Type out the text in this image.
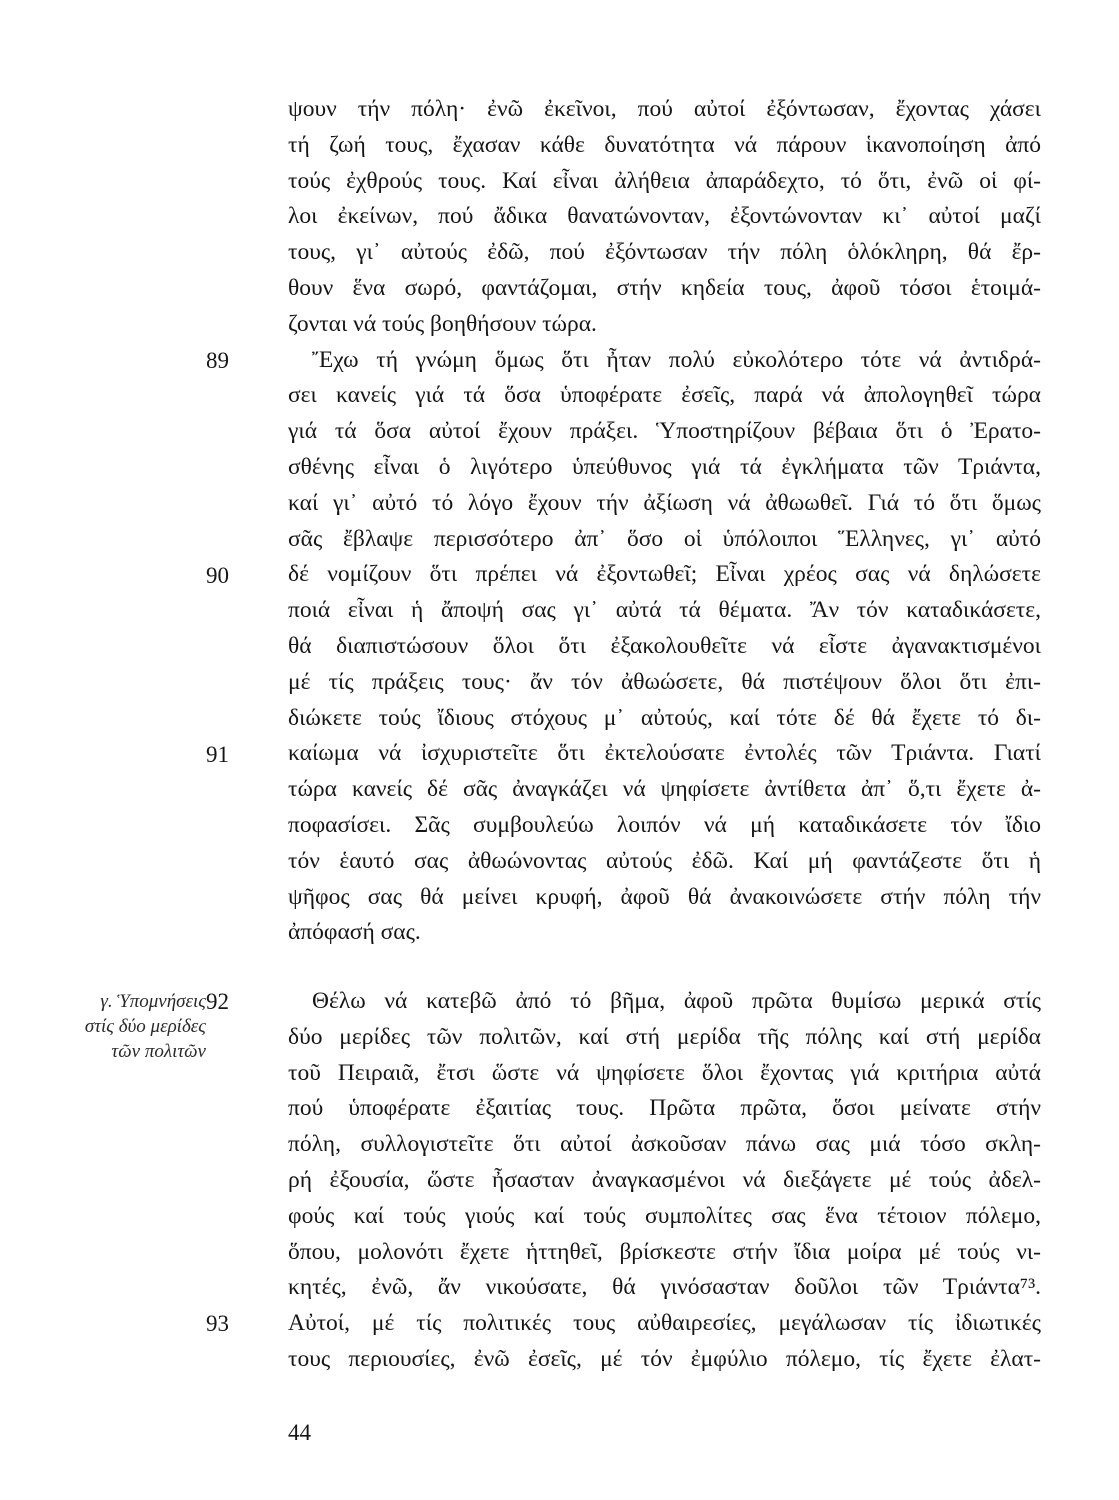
ψουν τήν πόλη· ἐνῶ ἐκεῖνοι, πού αὐτοί ἐξόντωσαν, ἔχοντας χάσει
τή ζωή τους, ἔχασαν κάθε δυνατότητα νά πάρουν ἱκανοποίηση ἀπό
τούς ἐχθρούς τους. Καί εἶναι ἀλήθεια ἀπαράδεχτο, τό ὅτι, ἐνῶ οἱ φί-
λοι ἐκείνων, πού ἄδικα θανατώνονταν, ἐξοντώνονταν κι᾽ αὐτοί μαζί
τους, γι᾽ αὐτούς ἐδῶ, πού ἐξόντωσαν τήν πόλη ὁλόκληρη, θά ἔρ-
θουν ἕνα σωρό, φαντάζομαι, στήν κηδεία τους, ἀφοῦ τόσοι ἑτοιμά-
ζονται νά τούς βοηθήσουν τώρα.
Ἔχω τή γνώμη ὅμως ὅτι ἦταν πολύ εὐκολότερο τότε νά ἀντιδρά-
σει κανείς γιά τά ὅσα ὑποφέρατε ἐσεῖς, παρά νά ἀπολογηθεῖ τώρα
γιά τά ὅσα αὐτοί ἔχουν πράξει. Ὑποστηρίζουν βέβαια ὅτι ὁ Ἐρατο-
σθένης εἶναι ὁ λιγότερο ὑπεύθυνος γιά τά ἐγκλήματα τῶν Τριάντα,
καί γι᾽ αὐτό τό λόγο ἔχουν τήν ἀξίωση νά ἀθωωθεῖ. Γιά τό ὅτι ὅμως
σᾶς ἔβλαψε περισσότερο ἀπ᾽ ὅσο οἱ ὑπόλοιποι Ἕλληνες, γι᾽ αὐτό
δέ νομίζουν ὅτι πρέπει νά ἐξοντωθεῖ; Εἶναι χρέος σας νά δηλώσετε
ποιά εἶναι ἡ ἄποψή σας γι᾽ αὐτά τά θέματα. Ἄν τόν καταδικάσετε,
θά διαπιστώσουν ὅλοι ὅτι ἐξακολουθεῖτε νά εἶστε ἀγανακτισμένοι
μέ τίς πράξεις τους· ἄν τόν ἀθωώσετε, θά πιστέψουν ὅλοι ὅτι ἐπι-
διώκετε τούς ἴδιους στόχους μ᾽ αὐτούς, καί τότε δέ θά ἔχετε τό δι-
καίωμα νά ἰσχυριστεῖτε ὅτι ἐκτελούσατε ἐντολές τῶν Τριάντα. Γιατί
τώρα κανείς δέ σᾶς ἀναγκάζει νά ψηφίσετε ἀντίθετα ἀπ᾽ ὅ,τι ἔχετε ἀ-
ποφασίσει. Σᾶς συμβουλεύω λοιπόν νά μή καταδικάσετε τόν ἴδιο
τόν ἑαυτό σας ἀθωώνοντας αὐτούς ἐδῶ. Καί μή φαντάζεστε ὅτι ἡ
ψῆφος σας θά μείνει κρυφή, ἀφοῦ θά ἀνακοινώσετε στήν πόλη τήν
ἀπόφασή σας.
89
90
91
92
93
γ. Ὑπομνήσεις
στίς δύο μερίδες
τῶν πολιτῶν
Θέλω νά κατεβῶ ἀπό τό βῆμα, ἀφοῦ πρῶτα θυμίσω μερικά στίς
δύο μερίδες τῶν πολιτῶν, καί στή μερίδα τῆς πόλης καί στή μερίδα
τοῦ Πειραιᾶ, ἔτσι ὥστε νά ψηφίσετε ὅλοι ἔχοντας γιά κριτήρια αὐτά
πού ὑποφέρατε ἐξαιτίας τους. Πρῶτα πρῶτα, ὅσοι μείνατε στήν
πόλη, συλλογιστεῖτε ὅτι αὐτοί ἀσκοῦσαν πάνω σας μιά τόσο σκλη-
ρή ἐξουσία, ὥστε ἦσασταν ἀναγκασμένοι νά διεξάγετε μέ τούς ἀδελ-
φούς καί τούς γιούς καί τούς συμπολίτες σας ἕνα τέτοιον πόλεμο,
ὅπου, μολονότι ἔχετε ἡττηθεῖ, βρίσκεστε στήν ἴδια μοίρα μέ τούς νι-
κητές, ἐνῶ, ἄν νικούσατε, θά γινόσασταν δοῦλοι τῶν Τριάντα⁷³.
Αὐτοί, μέ τίς πολιτικές τους αὐθαιρεσίες, μεγάλωσαν τίς ἰδιωτικές
τους περιουσίες, ἐνῶ ἐσεῖς, μέ τόν ἐμφύλιο πόλεμο, τίς ἔχετε ἐλατ-
44
